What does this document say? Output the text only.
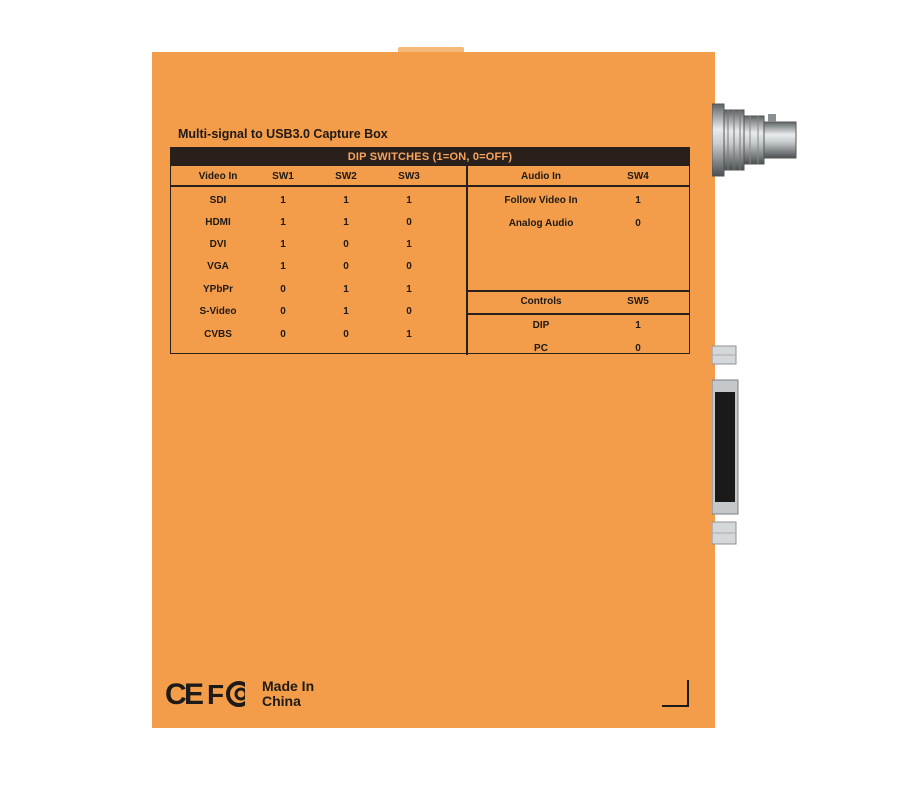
Multi-signal to USB3.0 Capture Box
DIP SWITCHES (1=ON, 0=OFF)
Video In	SW1	SW2	SW3
SDI	1	1	1
HDMI	1	1	0
DVI	1	0	1
VGA	1	0	0
YPbPr	0	1	1
S-Video	0	1	0
CVBS	0	0	1
Audio In	SW4
Follow Video In	1
Analog Audio	0
Controls	SW5
DIP	1
PC	0
C
E F	Made In
China
